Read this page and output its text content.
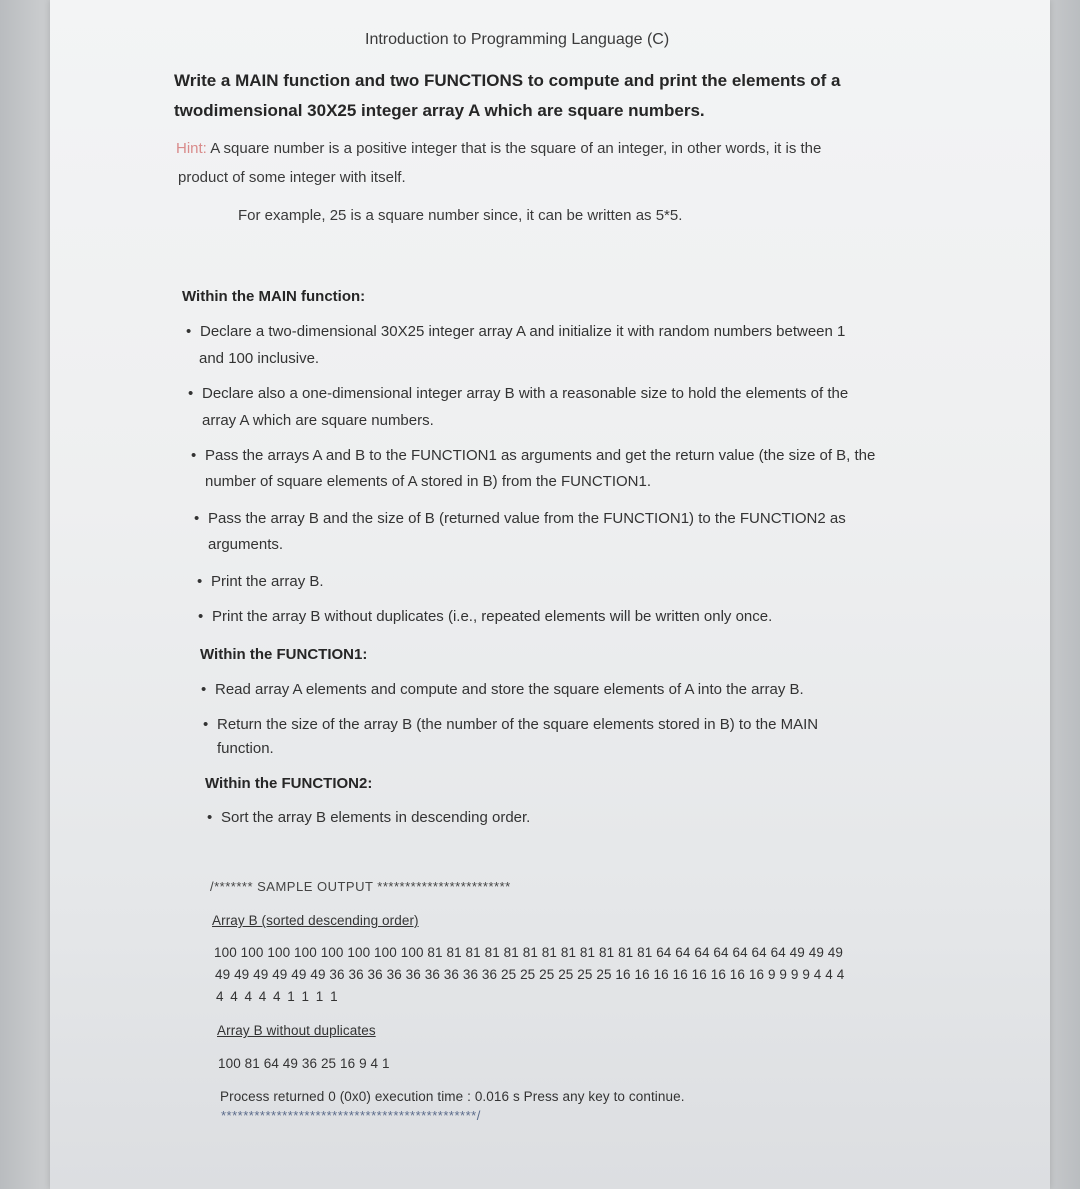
Introduction to Programming Language (C)
Write a MAIN function and two FUNCTIONS to compute and print the elements of a
twodimensional 30X25 integer array A which are square numbers.
Hint: A square number is a positive integer that is the square of an integer, in other words, it is the
product of some integer with itself.
For example, 25 is a square number since, it can be written as 5*5.
Within the MAIN function:
• Declare a two-dimensional 30X25 integer array A and initialize it with random numbers between 1
and 100 inclusive.
• Declare also a one-dimensional integer array B with a reasonable size to hold the elements of the
array A which are square numbers.
• Pass the arrays A and B to the FUNCTION1 as arguments and get the return value (the size of B, the
number of square elements of A stored in B) from the FUNCTION1.
• Pass the array B and the size of B (returned value from the FUNCTION1) to the FUNCTION2 as
arguments.
• Print the array B.
• Print the array B without duplicates (i.e., repeated elements will be written only once.
Within the FUNCTION1:
• Read array A elements and compute and store the square elements of A into the array B.
• Return the size of the array B (the number of the square elements stored in B) to the MAIN
function.
Within the FUNCTION2:
• Sort the array B elements in descending order.
/******* SAMPLE OUTPUT ************************
Array B (sorted descending order)
100 100 100 100 100 100 100 100 81 81 81 81 81 81 81 81 81 81 81 81 64 64 64 64 64 64 64 49 49 49
49 49 49 49 49 49 36 36 36 36 36 36 36 36 36 25 25 25 25 25 25 16 16 16 16 16 16 16 16 9 9 9 9 4 4 4
4 4 4 4 4 1 1 1 1
Array B without duplicates
100 81 64 49 36 25 16 9 4 1
Process returned 0 (0x0) execution time : 0.016 s Press any key to continue.
**********************************************/
